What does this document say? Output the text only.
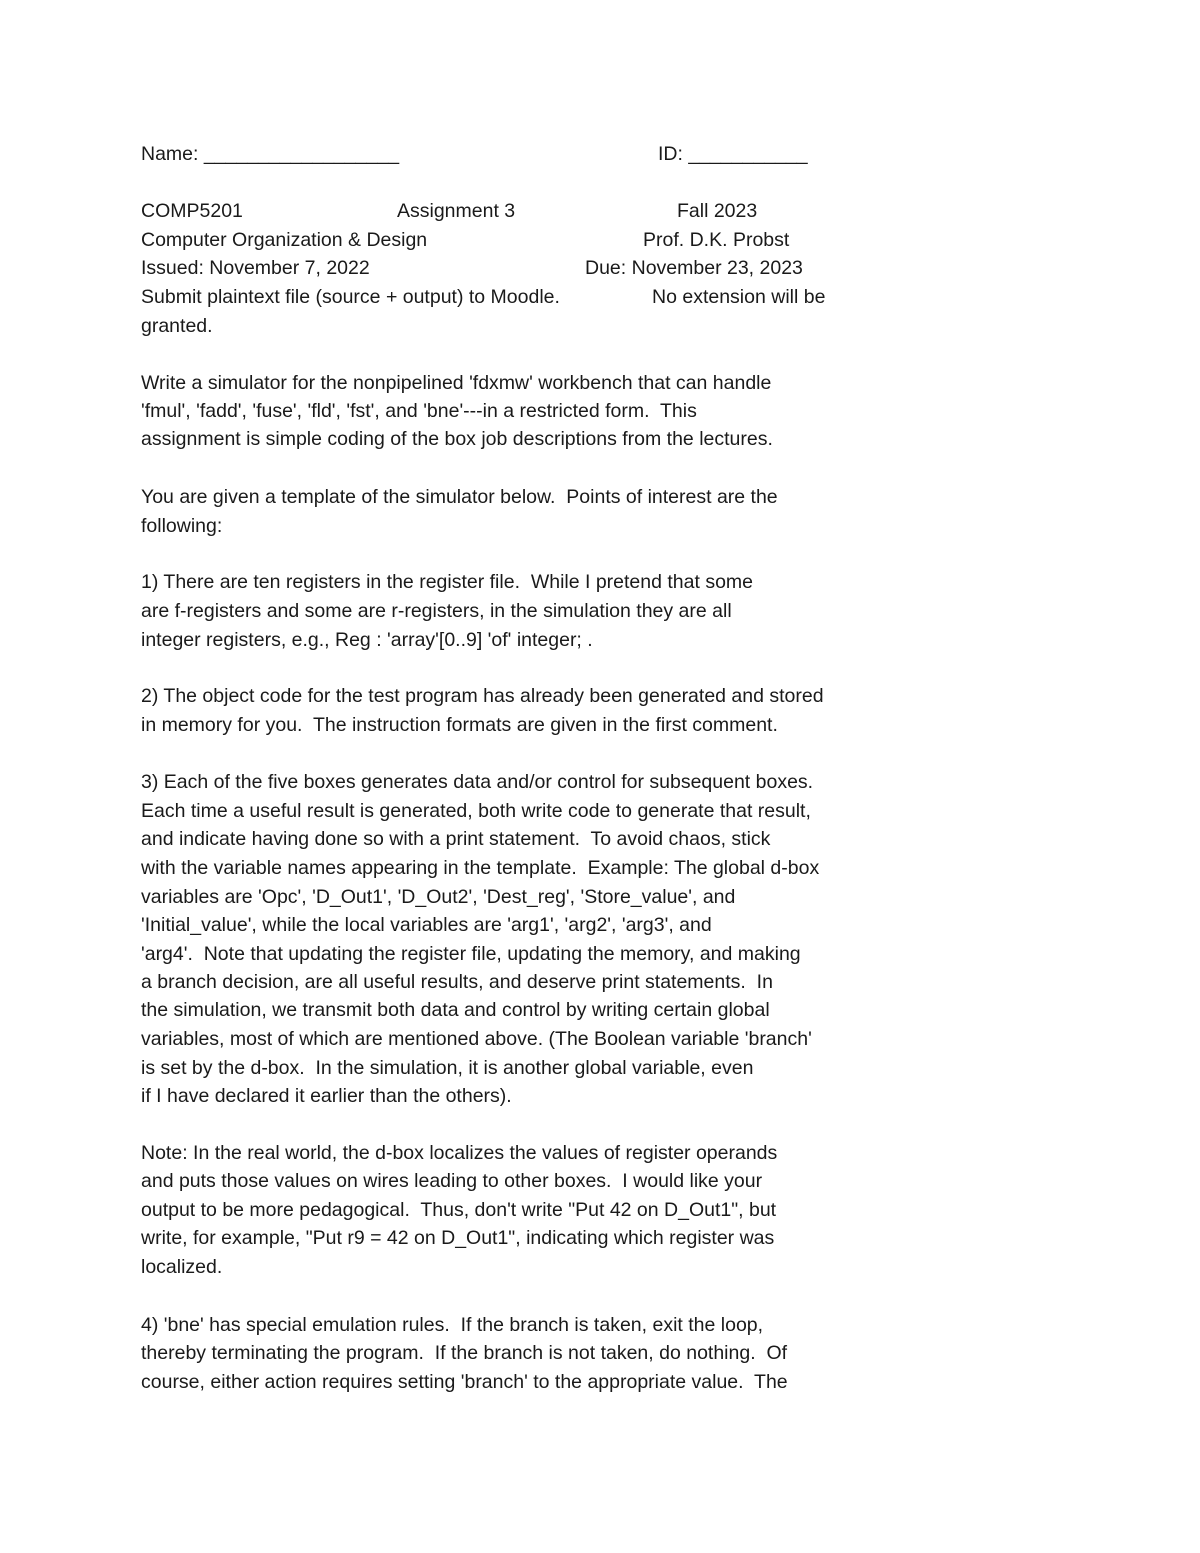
Name: __________________	ID: ___________

COMP5201	Assignment 3	Fall 2023

Computer Organization & Design	Prof. D.K. Probst

Issued: November 7, 2022	Due: November 23, 2023

Submit plaintext file (source + output) to Moodle.	No extension will be

granted.

Write a simulator for the nonpipelined 'fdxmw' workbench that can handle

'fmul', 'fadd', 'fuse', 'fld', 'fst', and 'bne'---in a restricted form.  This

assignment is simple coding of the box job descriptions from the lectures.

You are given a template of the simulator below.  Points of interest are the

following:

1) There are ten registers in the register file.  While I pretend that some

are f-registers and some are r-registers, in the simulation they are all

integer registers, e.g., Reg : 'array'[0..9] 'of' integer; .

2) The object code for the test program has already been generated and stored

in memory for you.  The instruction formats are given in the first comment.

3) Each of the five boxes generates data and/or control for subsequent boxes.

Each time a useful result is generated, both write code to generate that result,

and indicate having done so with a print statement.  To avoid chaos, stick

with the variable names appearing in the template.  Example: The global d-box

variables are 'Opc', 'D_Out1', 'D_Out2', 'Dest_reg', 'Store_value', and

'Initial_value', while the local variables are 'arg1', 'arg2', 'arg3', and

'arg4'.  Note that updating the register file, updating the memory, and making

a branch decision, are all useful results, and deserve print statements.  In

the simulation, we transmit both data and control by writing certain global

variables, most of which are mentioned above. (The Boolean variable 'branch'

is set by the d-box.  In the simulation, it is another global variable, even

if I have declared it earlier than the others).

Note: In the real world, the d-box localizes the values of register operands

and puts those values on wires leading to other boxes.  I would like your

output to be more pedagogical.  Thus, don't write "Put 42 on D_Out1", but

write, for example, "Put r9 = 42 on D_Out1", indicating which register was

localized.

4) 'bne' has special emulation rules.  If the branch is taken, exit the loop,

thereby terminating the program.  If the branch is not taken, do nothing.  Of

course, either action requires setting 'branch' to the appropriate value.  The
